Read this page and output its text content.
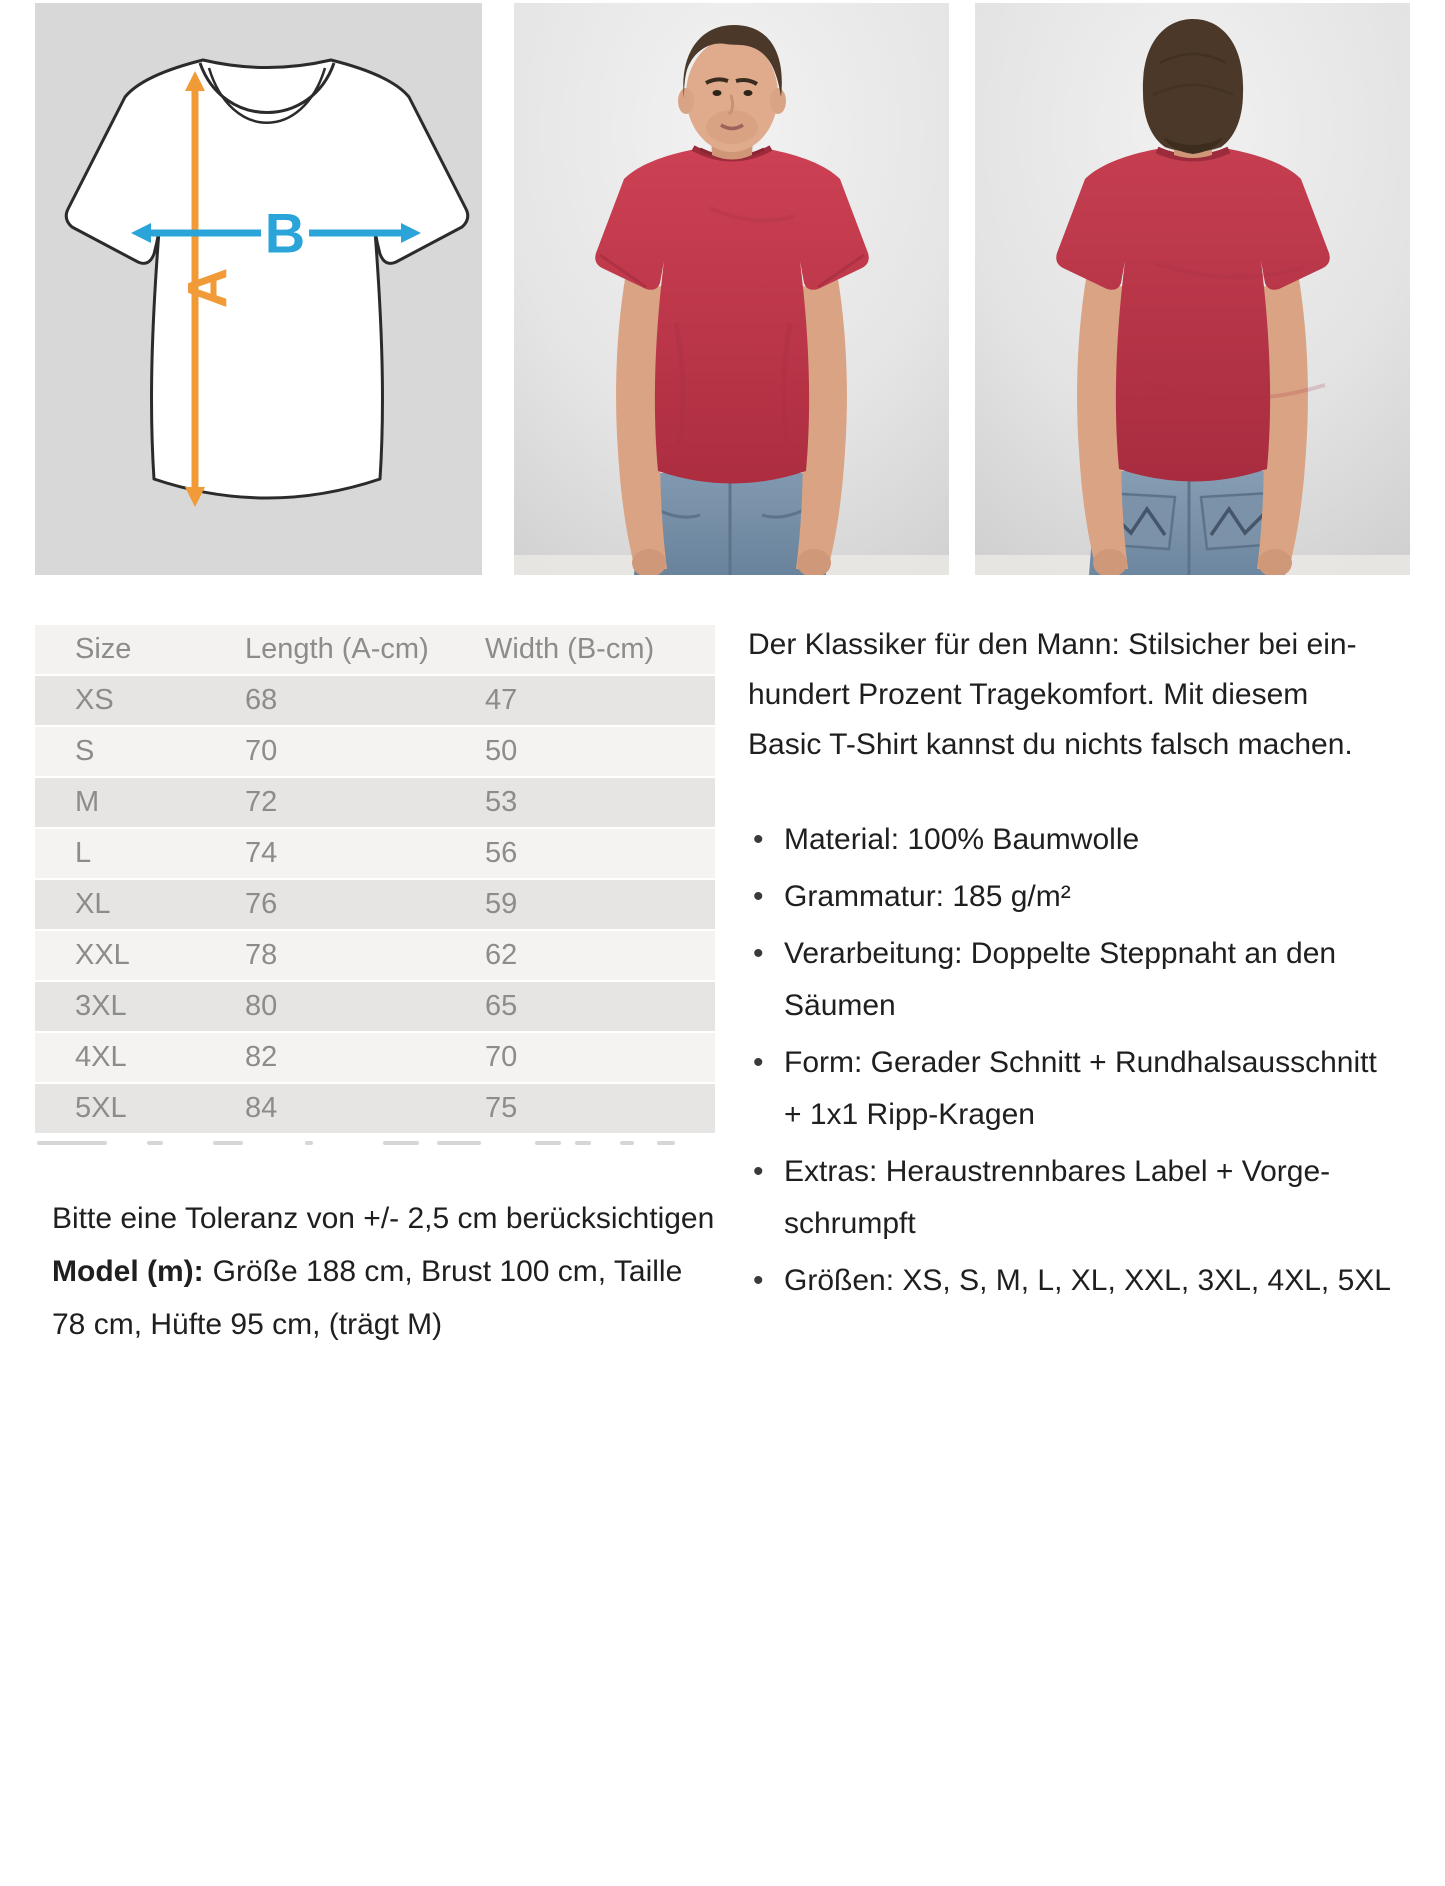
A
B
Size	Length (A-cm)	Width (B-cm)
XS	68	47
S	70	50
M	72	53
L	74	56
XL	76	59
XXL	78	62
3XL	80	65
4XL	82	70
5XL	84	75

Der Klassiker für den Mann: Stilsicher bei ein-
hundert Prozent Tragekomfort. Mit diesem
Basic T-Shirt kannst du nichts falsch machen.

• Material: 100% Baumwolle
• Grammatur: 185 g/m²
• Verarbeitung: Doppelte Steppnaht an den
Säumen
• Form: Gerader Schnitt + Rundhalsausschnitt
+ 1x1 Ripp-Kragen
• Extras: Heraustrennbares Label + Vorge-
schrumpft
• Größen: XS, S, M, L, XL, XXL, 3XL, 4XL, 5XL

Bitte eine Toleranz von +/- 2,5 cm berücksichtigen

Model (m): Größe 188 cm, Brust 100 cm, Taille
78 cm, Hüfte 95 cm, (trägt M)
